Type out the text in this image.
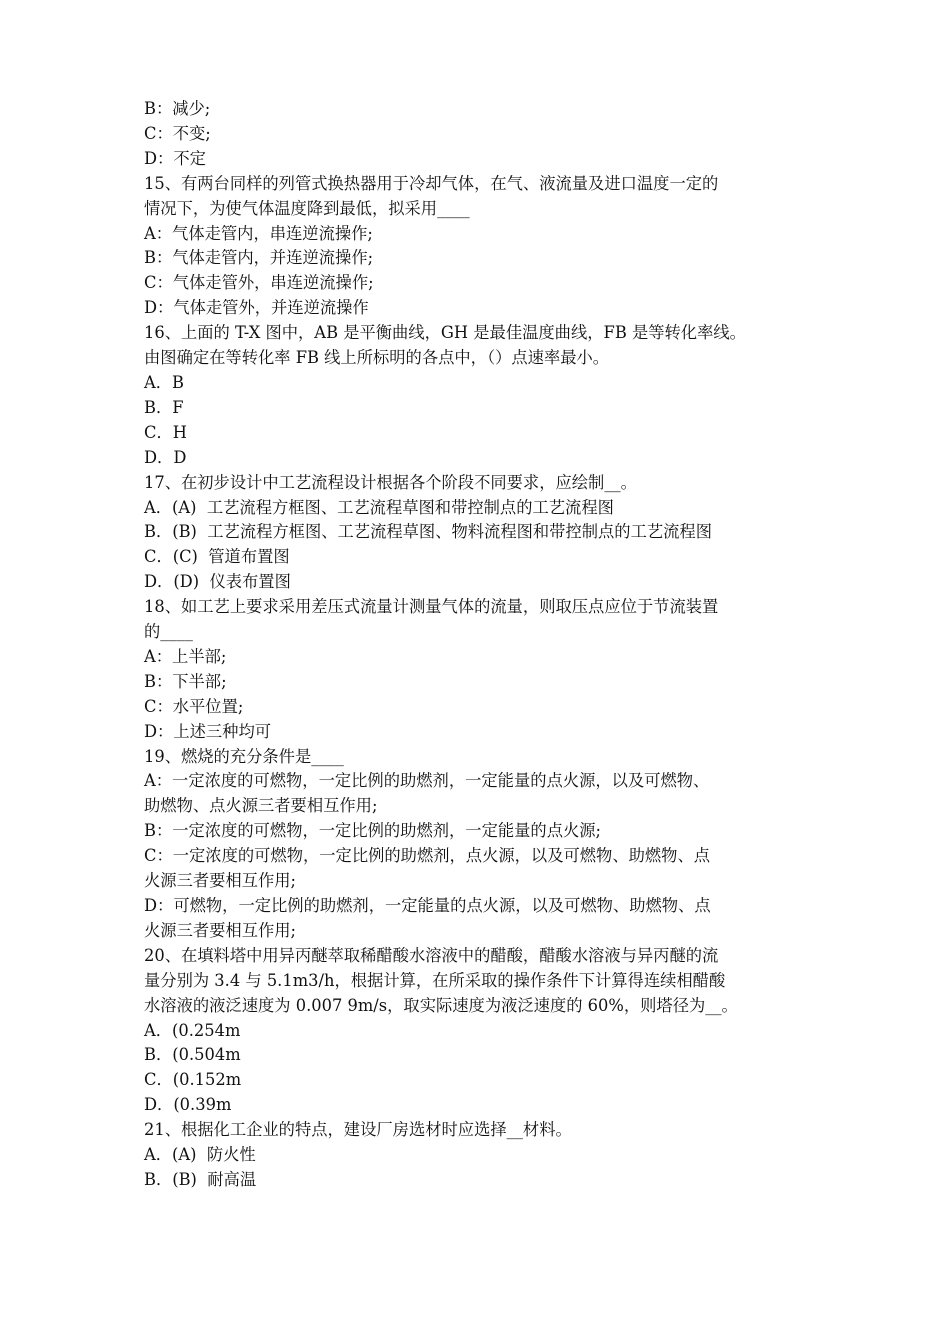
B：减少;
C：不变;
D：不定
15、有两台同样的列管式换热器用于冷却气体，在气、液流量及进口温度一定的
情况下，为使气体温度降到最低，拟采用____
A：气体走管内，串连逆流操作;
B：气体走管内，并连逆流操作;
C：气体走管外，串连逆流操作;
D：气体走管外，并连逆流操作
16、上面的 T-X 图中，AB 是平衡曲线，GH 是最佳温度曲线，FB 是等转化率线。
由图确定在等转化率 FB 线上所标明的各点中，（）点速率最小。
A．B
B．F
C．H
D．D
17、在初步设计中工艺流程设计根据各个阶段不同要求，应绘制__。
A．(A)  工艺流程方框图、工艺流程草图和带控制点的工艺流程图
B．(B)  工艺流程方框图、工艺流程草图、物料流程图和带控制点的工艺流程图
C．(C)  管道布置图
D．(D)  仪表布置图
18、如工艺上要求采用差压式流量计测量气体的流量，则取压点应位于节流装置
的____
A：上半部;
B：下半部;
C：水平位置;
D：上述三种均可
19、燃烧的充分条件是____
A：一定浓度的可燃物，一定比例的助燃剂，一定能量的点火源，以及可燃物、
助燃物、点火源三者要相互作用;
B：一定浓度的可燃物，一定比例的助燃剂，一定能量的点火源;
C：一定浓度的可燃物，一定比例的助燃剂，点火源，以及可燃物、助燃物、点
火源三者要相互作用;
D：可燃物，一定比例的助燃剂，一定能量的点火源，以及可燃物、助燃物、点
火源三者要相互作用;
20、在填料塔中用异丙醚萃取稀醋酸水溶液中的醋酸，醋酸水溶液与异丙醚的流
量分别为 3.4 与 5.1m3/h，根据计算，在所采取的操作条件下计算得连续相醋酸
水溶液的液泛速度为 0.007 9m/s，取实际速度为液泛速度的 60%，则塔径为__。
A．(0.254m
B．(0.504m
C．(0.152m
D．(0.39m
21、根据化工企业的特点，建设厂房选材时应选择__材料。
A．(A)  防火性
B．(B)  耐高温
